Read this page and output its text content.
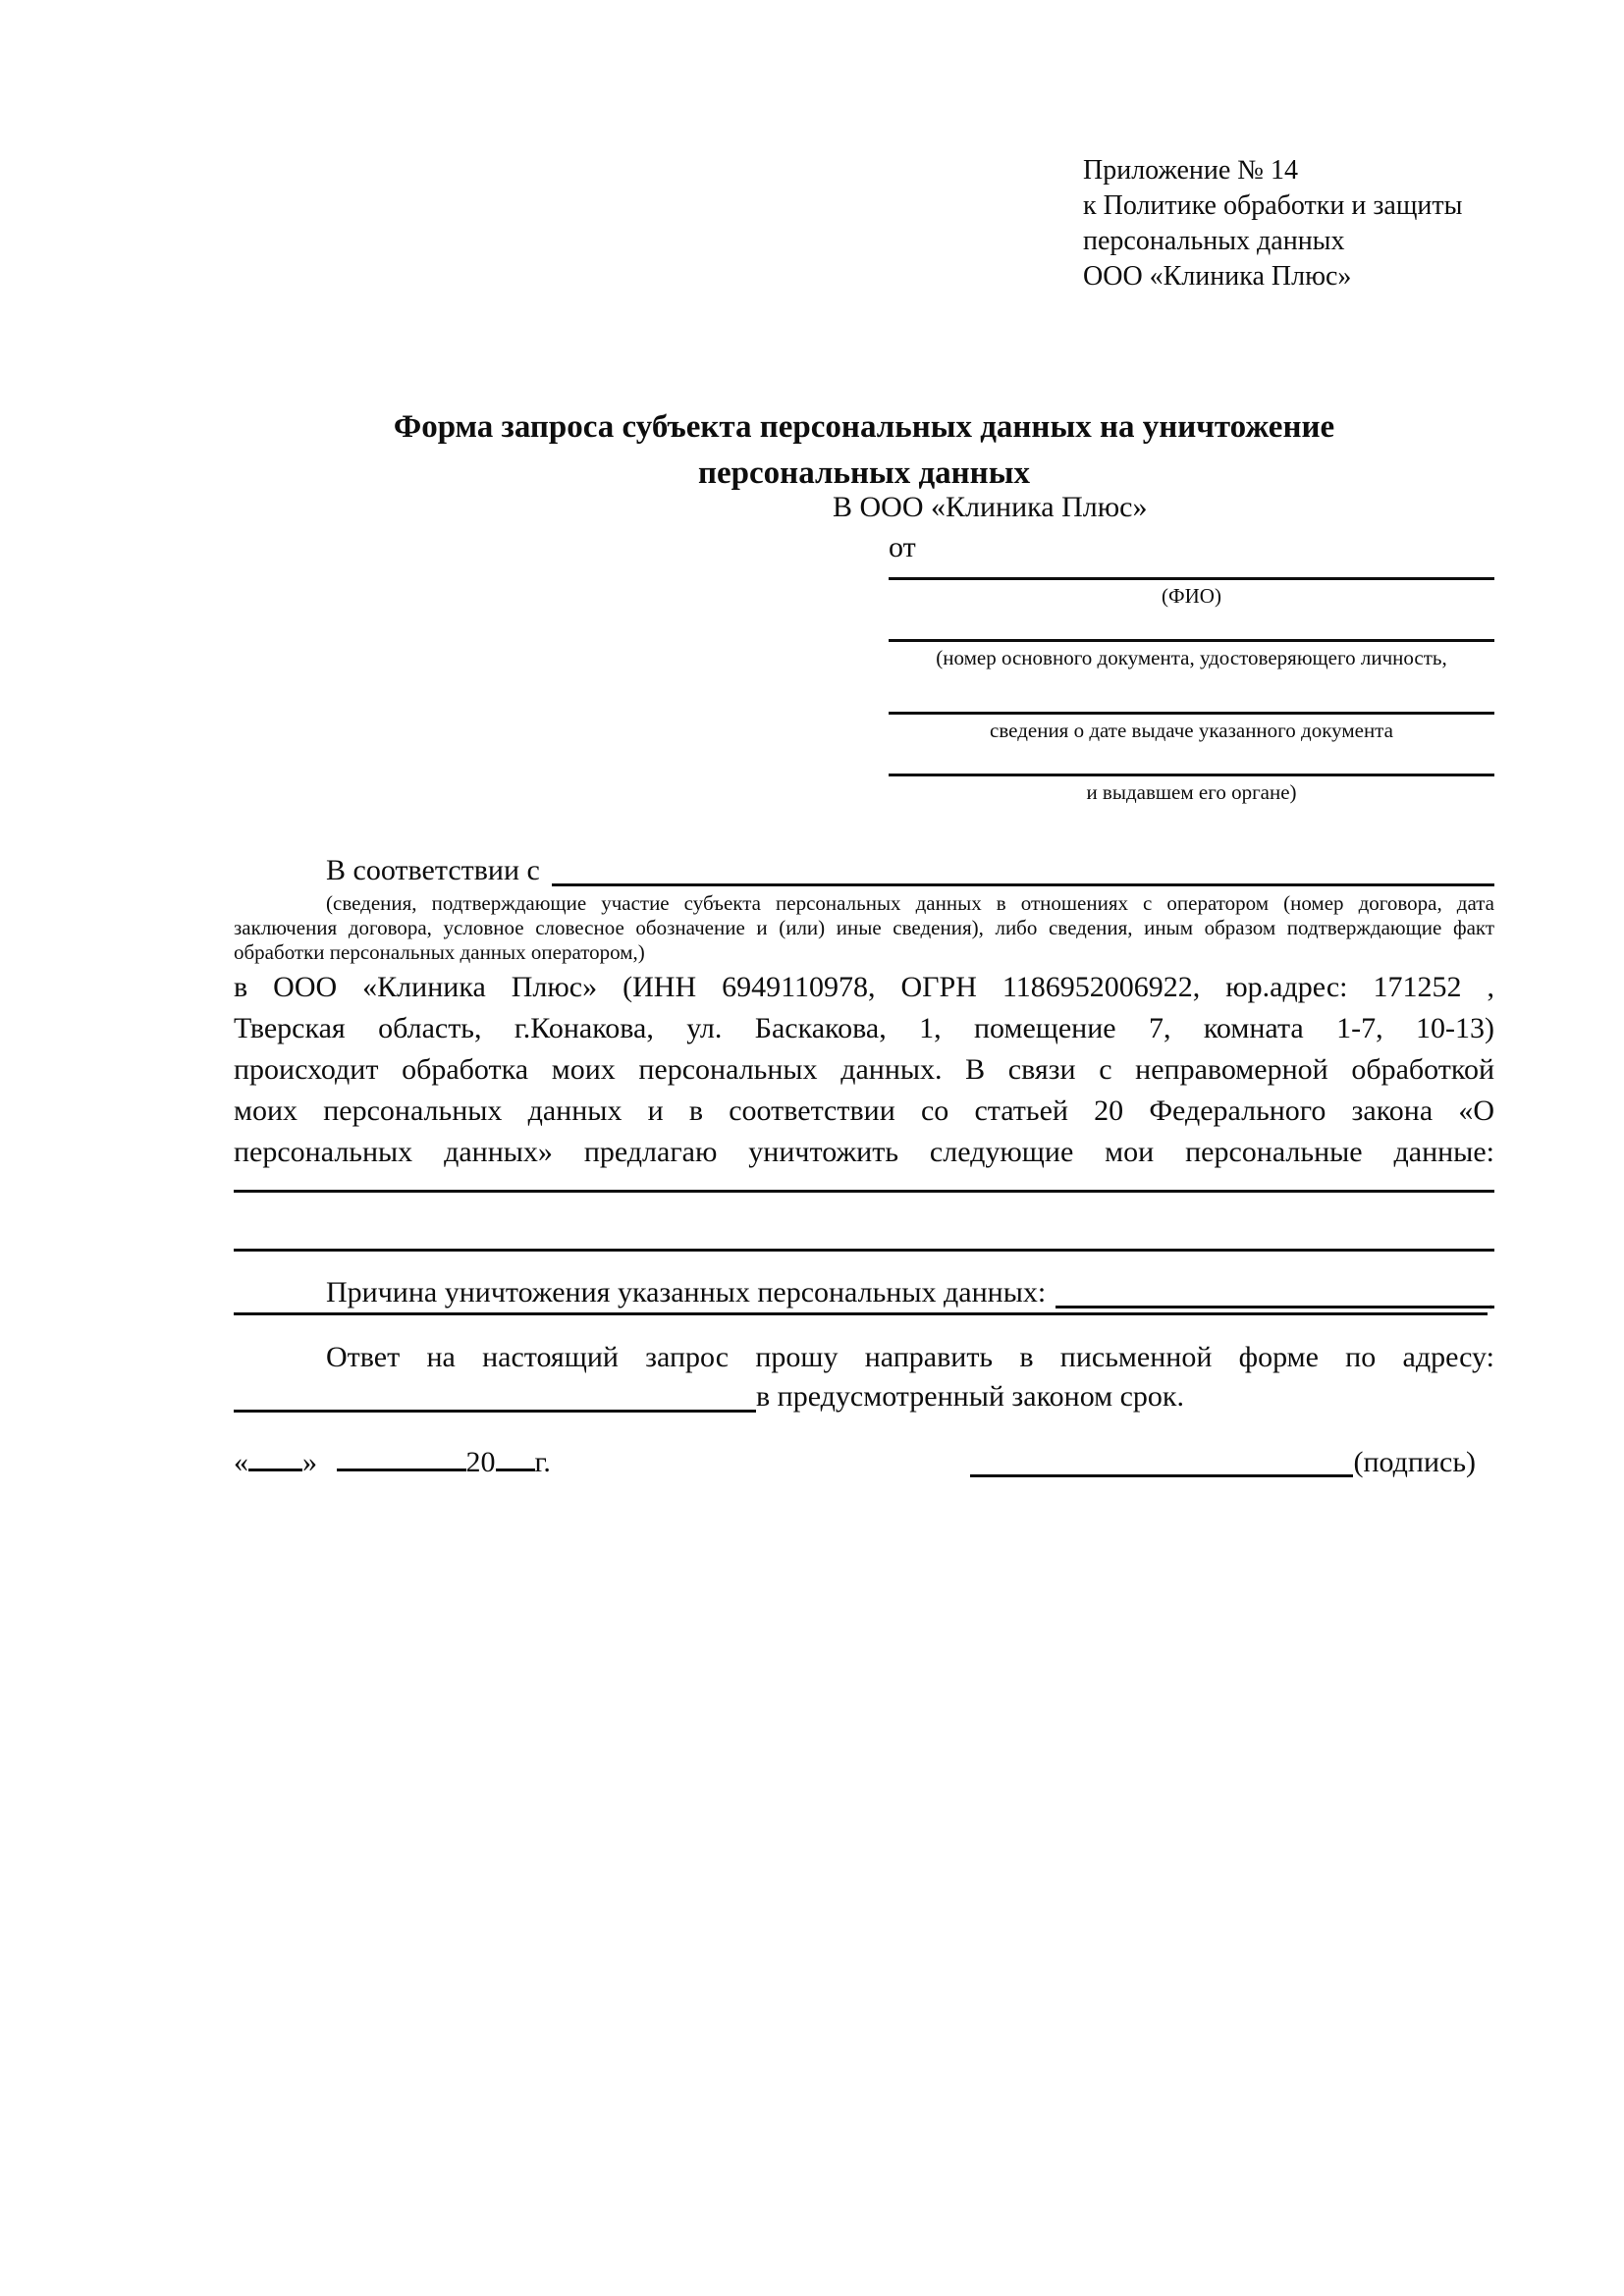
Приложение № 14
к Политике обработки и защиты
персональных данных
ООО «Клиника Плюс»
Форма запроса субъекта персональных данных на уничтожение
персональных данных
В ООО «Клиника Плюс»
от
(ФИО)
(номер основного документа, удостоверяющего личность,
сведения о дате выдаче указанного документа
и выдавшем его органе)
В соответствии с
(сведения, подтверждающие участие субъекта персональных данных в отношениях с оператором (номер договора, дата
заключения договора, условное словесное обозначение и (или) иные сведения), либо сведения, иным образом подтверждающие факт
обработки персональных данных оператором,)
в ООО «Клиника Плюс» (ИНН 6949110978, ОГРН 1186952006922, юр.адрес: 171252 ,
Тверская область, г.Конакова, ул. Баскакова, 1, помещение 7, комната 1-7, 10-13)
происходит обработка моих персональных данных. В связи с неправомерной обработкой
моих персональных данных и в соответствии со статьей 20 Федерального закона «О
персональных данных» предлагаю уничтожить следующие мои персональные данные:
Причина уничтожения указанных персональных данных:	.
Ответ на настоящий запрос прошу направить в письменной форме по адресу:
в предусмотренный законом срок.
« »	20 г.	(подпись)
